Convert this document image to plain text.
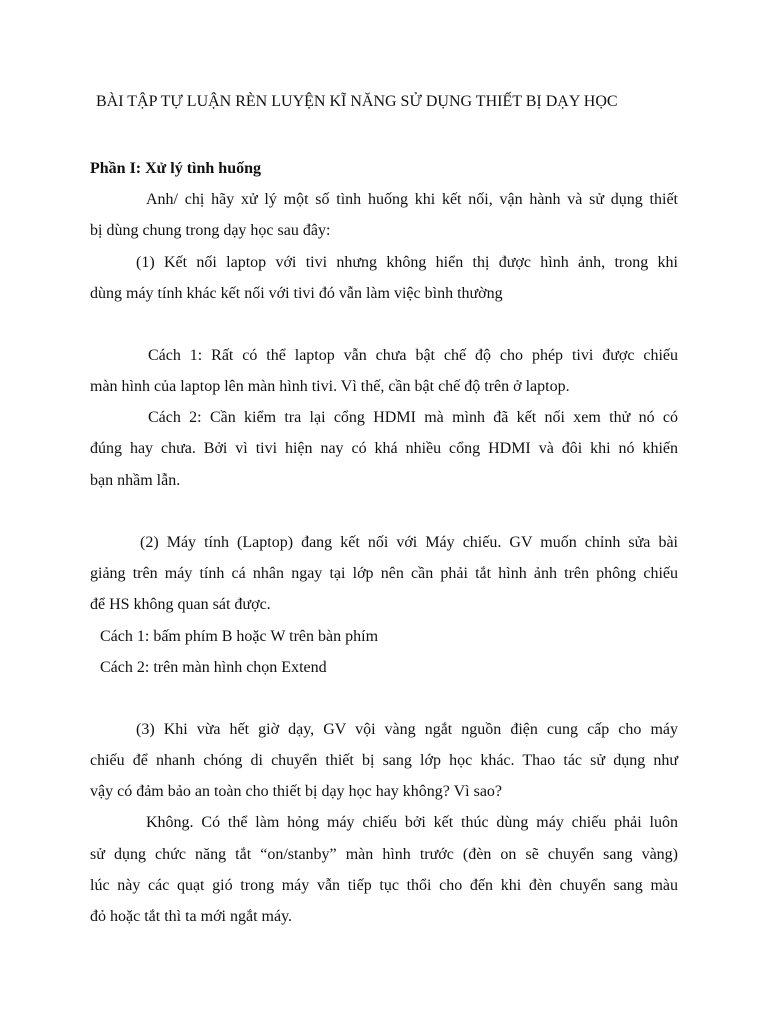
BÀI TẬP TỰ LUẬN RÈN LUYỆN KĨ NĂNG SỬ DỤNG THIẾT BỊ DẠY HỌC

Phần I: Xử lý tình huống

Anh/ chị hãy xử lý một số tình huống khi kết nối, vận hành và sử dụng thiết

bị dùng chung trong dạy học sau đây:

(1) Kết nối laptop với tivi nhưng không hiển thị được hình ảnh, trong khi

dùng máy tính khác kết nối với tivi đó vẫn làm việc bình thường

Cách 1: Rất có thể laptop vẫn chưa bật chế độ cho phép tivi được chiếu

màn hình của laptop lên màn hình tivi. Vì thế, cần bật chế độ trên ở laptop.

Cách 2: Cần kiểm tra lại cổng HDMI mà mình đã kết nối xem thử nó có

đúng hay chưa. Bởi vì tivi hiện nay có khá nhiều cổng HDMI và đôi khi nó khiến

bạn nhầm lẫn.

(2) Máy tính (Laptop) đang kết nối với Máy chiếu. GV muốn chỉnh sửa bài

giảng trên máy tính cá nhân ngay tại lớp nên cần phải tắt hình ảnh trên phông chiếu

để HS không quan sát được.

Cách 1: bấm phím B hoặc W trên bàn phím

Cách 2: trên màn hình chọn Extend

(3) Khi vừa hết giờ dạy, GV vội vàng ngắt nguồn điện cung cấp cho máy

chiếu để nhanh chóng di chuyển thiết bị sang lớp học khác. Thao tác sử dụng như

vậy có đảm bảo an toàn cho thiết bị dạy học hay không? Vì sao?

Không. Có thể làm hỏng máy chiếu bởi kết thúc dùng máy chiếu phải luôn

sử dụng chức năng tắt “on/stanby” màn hình trước (đèn on sẽ chuyển sang vàng)

lúc này các quạt gió trong máy vẫn tiếp tục thổi cho đến khi đèn chuyển sang màu

đỏ hoặc tắt thì ta mới ngắt máy.
